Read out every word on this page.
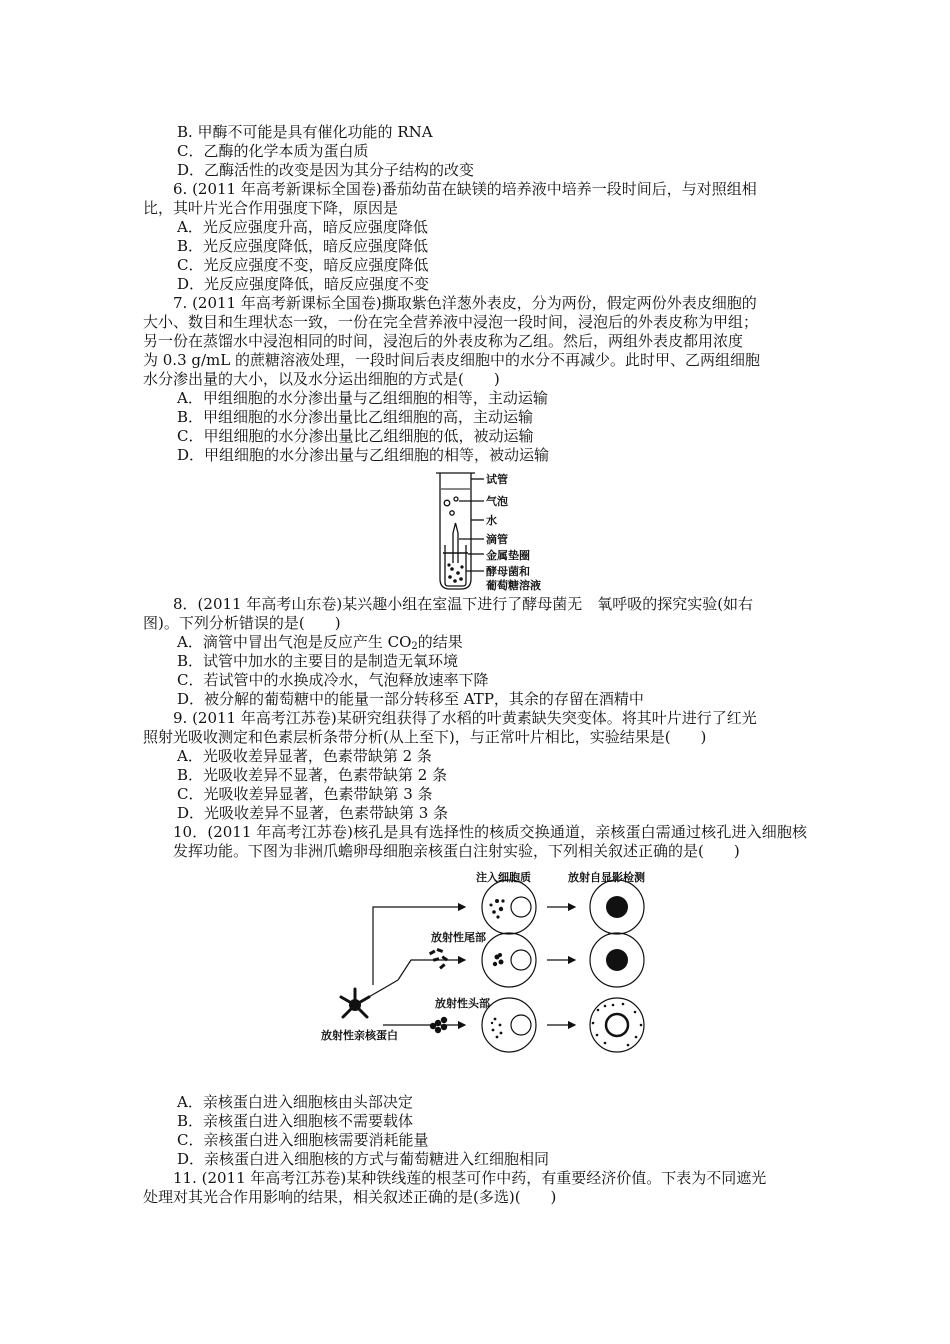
B. 甲酶不可能是具有催化功能的 RNA
C．乙酶的化学本质为蛋白质
D．乙酶活性的改变是因为其分子结构的改变
6. (2011 年高考新课标全国卷)番茄幼苗在缺镁的培养液中培养一段时间后，与对照组相
比，其叶片光合作用强度下降，原因是
A．光反应强度升高，暗反应强度降低
B．光反应强度降低，暗反应强度降低
C．光反应强度不变，暗反应强度降低
D．光反应强度降低，暗反应强度不变
7. (2011 年高考新课标全国卷)撕取紫色洋葱外表皮，分为两份，假定两份外表皮细胞的
大小、数目和生理状态一致，一份在完全营养液中浸泡一段时间，浸泡后的外表皮称为甲组；
另一份在蒸馏水中浸泡相同的时间，浸泡后的外表皮称为乙组。然后，两组外表皮都用浓度
为 0.3 g/mL 的蔗糖溶液处理，一段时间后表皮细胞中的水分不再减少。此时甲、乙两组细胞
水分渗出量的大小，以及水分运出细胞的方式是(　　)
A．甲组细胞的水分渗出量与乙组细胞的相等，主动运输
B．甲组细胞的水分渗出量比乙组细胞的高，主动运输
C．甲组细胞的水分渗出量比乙组细胞的低，被动运输
D．甲组细胞的水分渗出量与乙组细胞的相等，被动运输
试管
气泡
水
滴管
金属垫圈
酵母菌和
葡萄糖溶液
8．(2011 年高考山东卷)某兴趣小组在室温下进行了酵母菌无　氧呼吸的探究实验(如右
图)。下列分析错误的是(　　)
A．滴管中冒出气泡是反应产生 $CO_2$的结果
B．试管中加水的主要目的是制造无氧环境
C．若试管中的水换成冷水，气泡释放速率下降
D．被分解的葡萄糖中的能量一部分转移至 ATP，其余的存留在酒精中
9. (2011 年高考江苏卷)某研究组获得了水稻的叶黄素缺失突变体。将其叶片进行了红光
照射光吸收测定和色素层析条带分析(从上至下)，与正常叶片相比，实验结果是(　　)
A．光吸收差异显著，色素带缺第 2 条
B．光吸收差异不显著，色素带缺第 2 条
C．光吸收差异显著，色素带缺第 3 条
D．光吸收差异不显著，色素带缺第 3 条
10．(2011 年高考江苏卷)核孔是具有选择性的核质交换通道，亲核蛋白需通过核孔进入细胞核发挥功能。下图为非洲爪蟾卵母细胞亲核蛋白注射实验，下列相关叙述正确的是(　　)
注入细胞质	放射自显影检测
放射性尾部
放射性头部
放射性亲核蛋白
A．亲核蛋白进入细胞核由头部决定
B．亲核蛋白进入细胞核不需要载体
C．亲核蛋白进入细胞核需要消耗能量
D．亲核蛋白进入细胞核的方式与葡萄糖进入红细胞相同
11. (2011 年高考江苏卷)某种铁线莲的根茎可作中药，有重要经济价值。下表为不同遮光
处理对其光合作用影响的结果，相关叙述正确的是(多选)(　　)
